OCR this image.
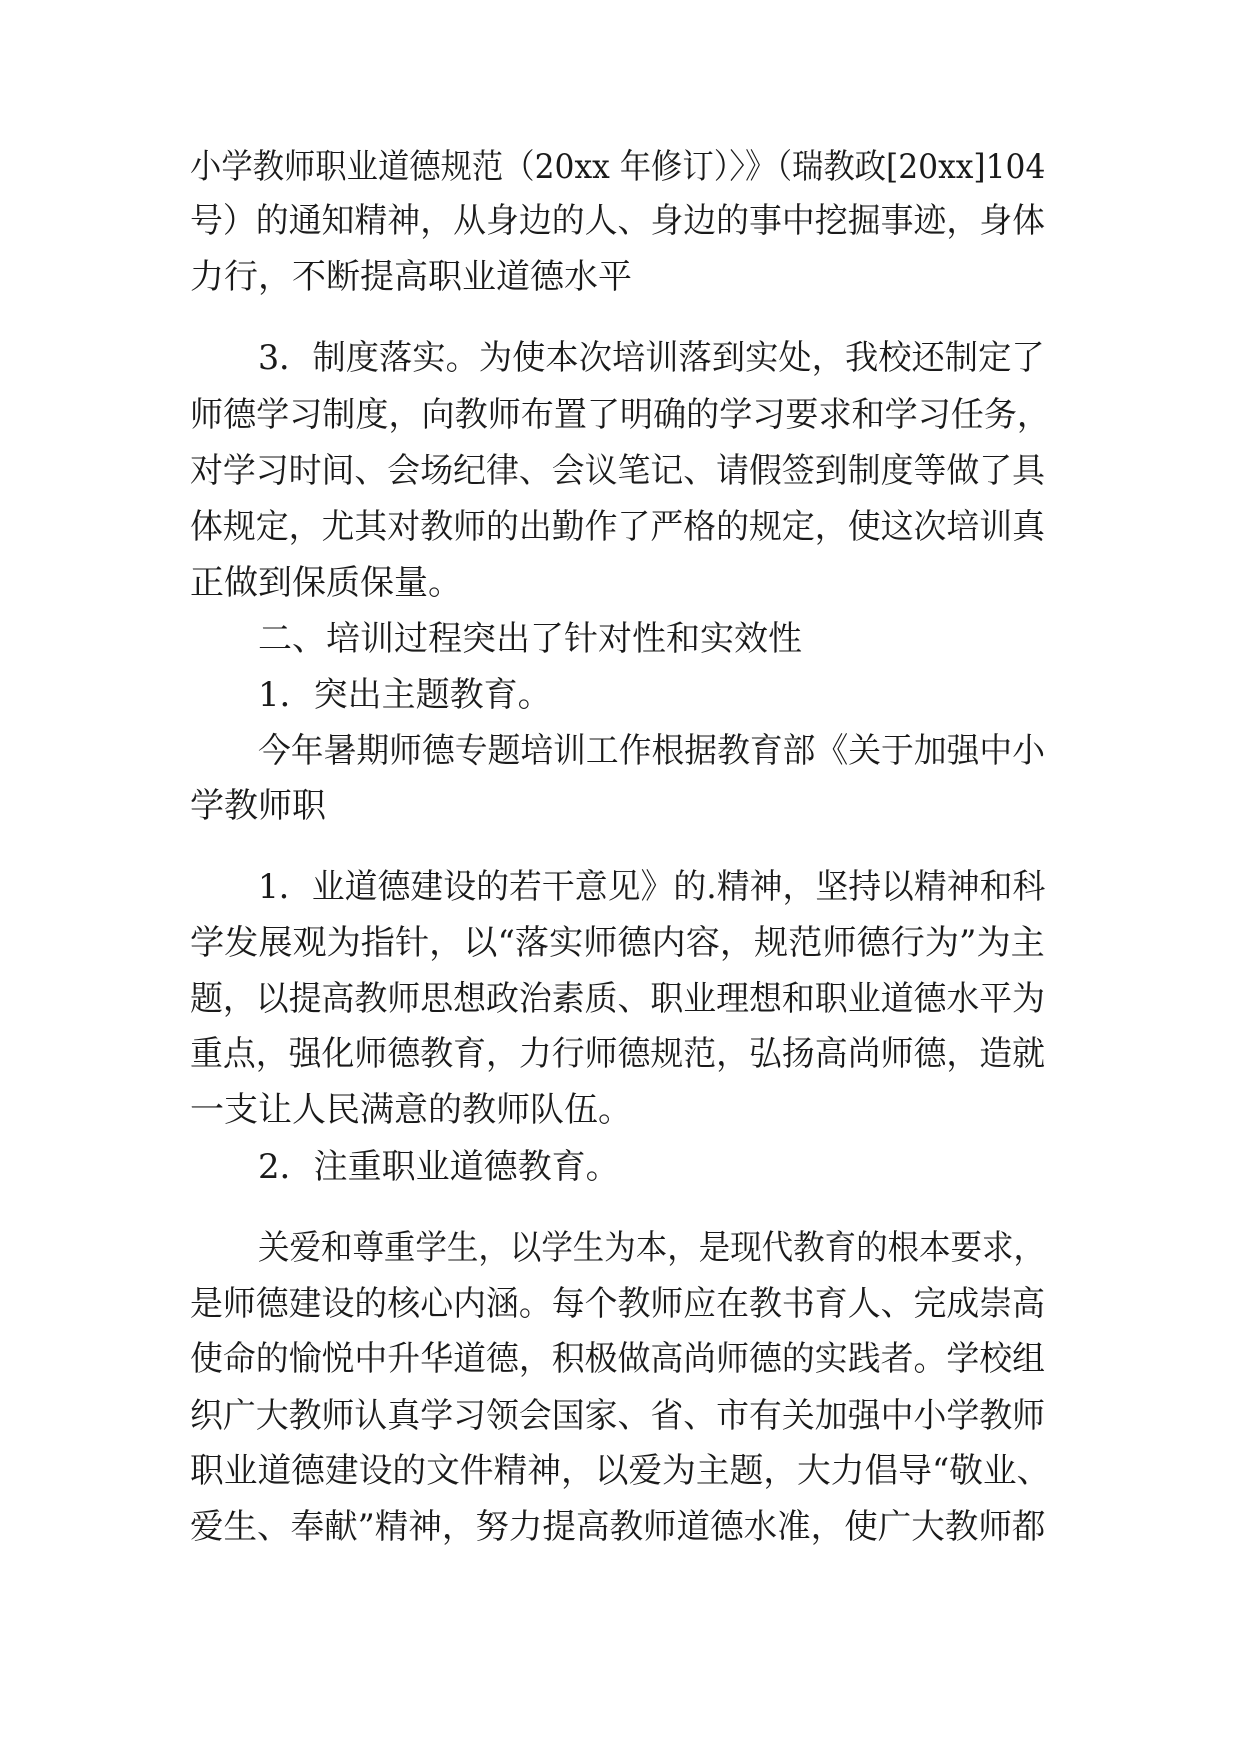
小学教师职业道德规范（20xx 年修订）〉》（瑞教政[20xx]104
号）的通知精神，从身边的人、身边的事中挖掘事迹，身体
力行，不断提高职业道德水平
3．制度落实。为使本次培训落到实处，我校还制定了
师德学习制度，向教师布置了明确的学习要求和学习任务，
对学习时间、会场纪律、会议笔记、请假签到制度等做了具
体规定，尤其对教师的出勤作了严格的规定，使这次培训真
正做到保质保量。
二、培训过程突出了针对性和实效性
1．突出主题教育。
今年暑期师德专题培训工作根据教育部《关于加强中小
学教师职
1．业道德建设的若干意见》的.精神，坚持以精神和科
学发展观为指针，以“落实师德内容，规范师德行为”为主
题，以提高教师思想政治素质、职业理想和职业道德水平为
重点，强化师德教育，力行师德规范，弘扬高尚师德，造就
一支让人民满意的教师队伍。
2．注重职业道德教育。
关爱和尊重学生，以学生为本，是现代教育的根本要求，
是师德建设的核心内涵。每个教师应在教书育人、完成崇高
使命的愉悦中升华道德，积极做高尚师德的实践者。学校组
织广大教师认真学习领会国家、省、市有关加强中小学教师
职业道德建设的文件精神，以爱为主题，大力倡导“敬业、
爱生、奉献”精神，努力提高教师道德水准，使广大教师都
